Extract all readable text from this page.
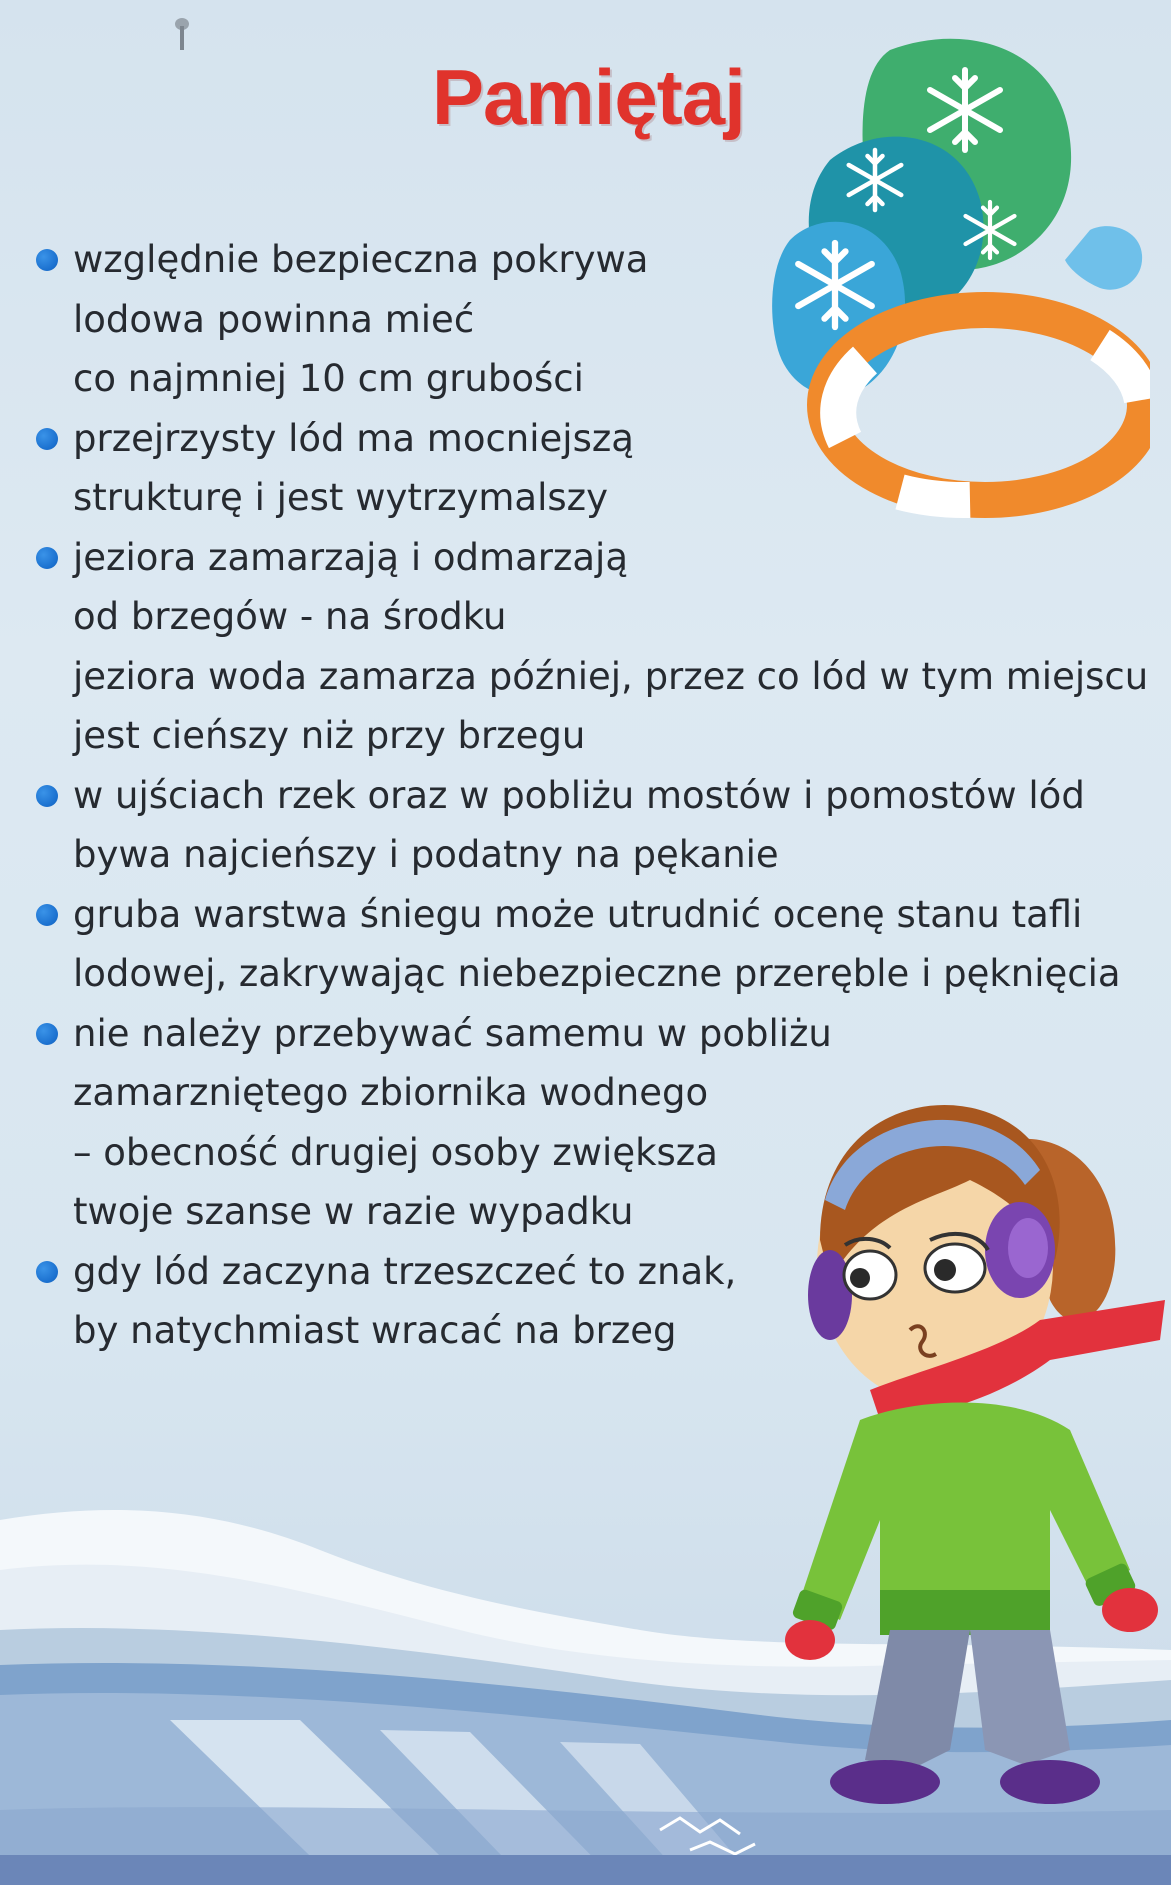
Pamiętaj
względnie bezpieczna pokrywa
lodowa powinna mieć
co najmniej 10 cm grubości
przejrzysty lód ma mocniejszą
strukturę i jest wytrzymalszy
jeziora zamarzają i odmarzają
od brzegów - na środku
jeziora woda zamarza później, przez co lód w tym miejscu
jest cieńszy niż przy brzegu
w ujściach rzek oraz w pobliżu mostów i pomostów lód
bywa najcieńszy i podatny na pękanie
gruba warstwa śniegu może utrudnić ocenę stanu tafli
lodowej, zakrywając niebezpieczne przeręble i pęknięcia
nie należy przebywać samemu w pobliżu
zamarzniętego zbiornika wodnego
– obecność drugiej osoby zwiększa
twoje szanse w razie wypadku
gdy lód zaczyna trzeszczeć to znak,
by natychmiast wracać na brzeg
